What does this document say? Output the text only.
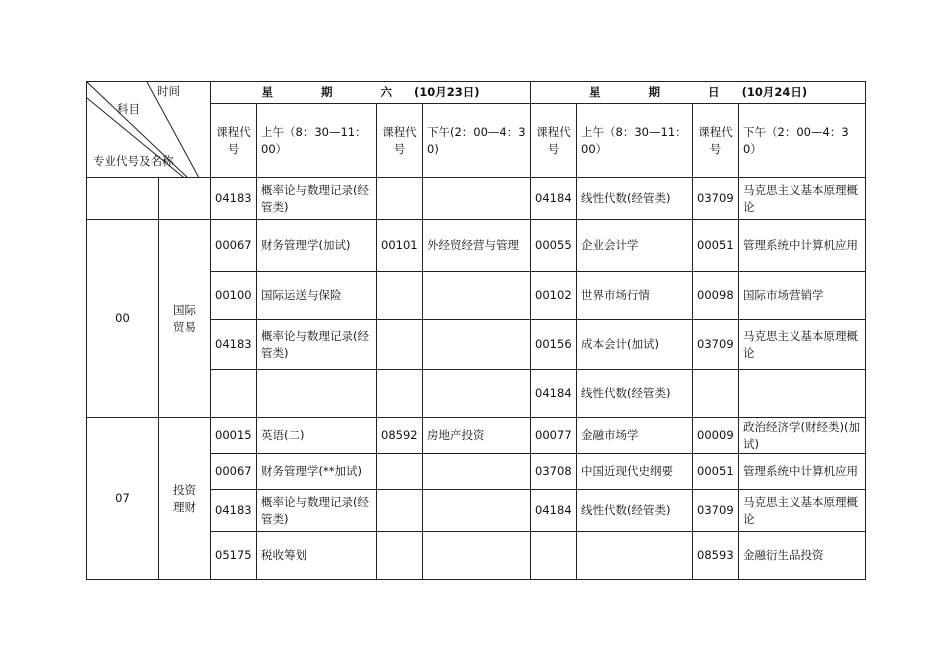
时间
科目
专业代号及名称		星 期 六(10月23日)				星 期 日(10月24日)			
		课程代号	上午（8：30—11：00）	课程代号	下午(2：00—4：30)	课程代号	上午（8：30—11：00）	课程代号	下午（2：00—4：30）
		04183	概率论与数理记录(经管类)			04184	线性代数(经管类)	03709	马克思主义基本原理概论
00	国际贸易	00067	财务管理学(加试)	00101	外经贸经营与管理	00055	企业会计学	00051	管理系统中计算机应用
		00100	国际运送与保险			00102	世界市场行情	00098	国际市场营销学
		04183	概率论与数理记录(经管类)			00156	成本会计(加试)	03709	马克思主义基本原理概论
						04184	线性代数(经管类)		
07	投资理财	00015	英语(二)	08592	房地产投资	00077	金融市场学	00009	政治经济学(财经类)(加试)
		00067	财务管理学(**加试)			03708	中国近现代史纲要	00051	管理系统中计算机应用
		04183	概率论与数理记录(经管类)			04184	线性代数(经管类)	03709	马克思主义基本原理概论
		05175	税收筹划					08593	金融衍生品投资
